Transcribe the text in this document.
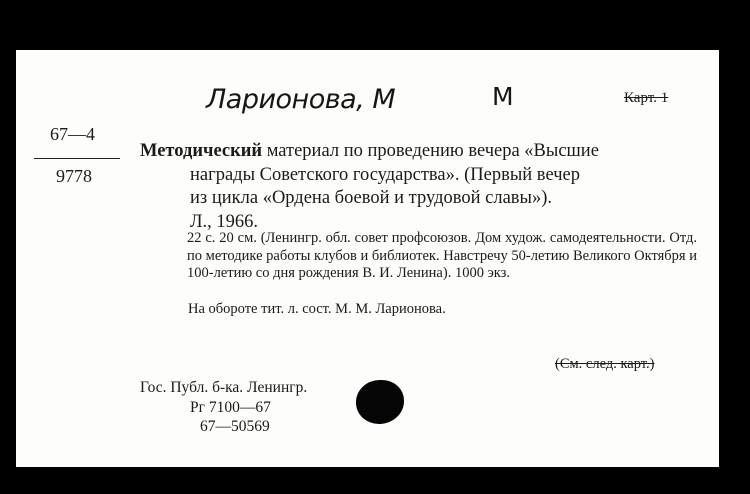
Ларионова, М	М	Карт. 1
67—4
9778
Методический материал по проведению вечера «Высшие
награды Советского государства». (Первый вечер
из цикла «Ордена боевой и трудовой славы»).
Л., 1966.
22 с. 20 см. (Ленингр. обл. совет профсоюзов. Дом худож. самодеятельности. Отд. по методике работы клубов и библиотек. Навстречу 50-летию Великого Октября и 100-летию со дня рождения В. И. Ленина). 1000 экз.
На обороте тит. л. сост. М. М. Ларионова.
(См. след. карт.)
Гос. Публ. б-ка. Ленингр.
Рг 7100—67
67—50569
